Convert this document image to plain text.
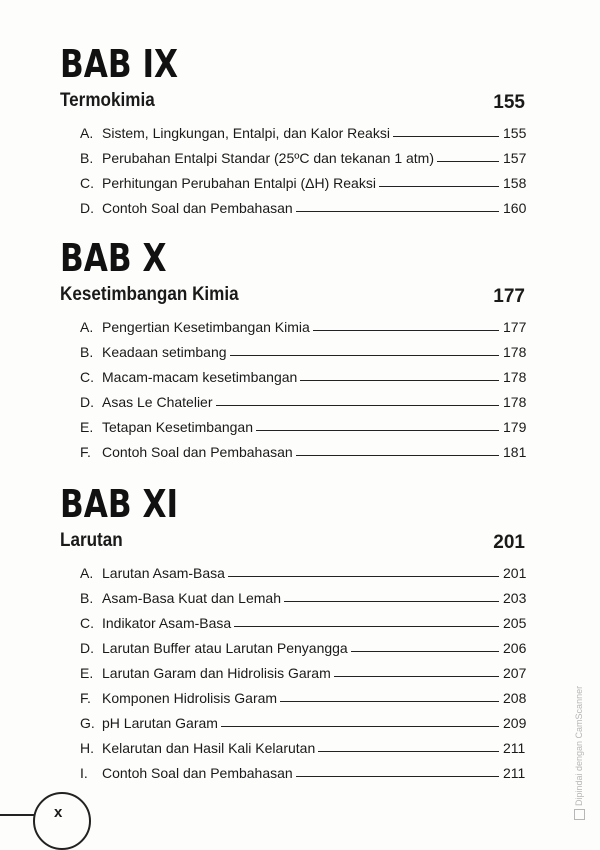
BAB IX
Termokimia	155
A. Sistem, Lingkungan, Entalpi, dan Kalor Reaksi	155
B. Perubahan Entalpi Standar (25ºC dan tekanan 1 atm)	157
C. Perhitungan Perubahan Entalpi (ΔH) Reaksi	158
D. Contoh Soal dan Pembahasan	160
BAB X
Kesetimbangan Kimia	177
A. Pengertian Kesetimbangan Kimia	177
B. Keadaan setimbang	178
C. Macam-macam kesetimbangan	178
D. Asas Le Chatelier	178
E. Tetapan Kesetimbangan	179
F. Contoh Soal dan Pembahasan	181
BAB XI
Larutan	201
A. Larutan Asam-Basa	201
B. Asam-Basa Kuat dan Lemah	203
C. Indikator Asam-Basa	205
D. Larutan Buffer atau Larutan Penyangga	206
E. Larutan Garam dan Hidrolisis Garam	207
F. Komponen Hidrolisis Garam	208
G. pH Larutan Garam	209
H. Kelarutan dan Hasil Kali Kelarutan	211
I.	Contoh Soal dan Pembahasan	211
x
Dipindai dengan CamScanner
